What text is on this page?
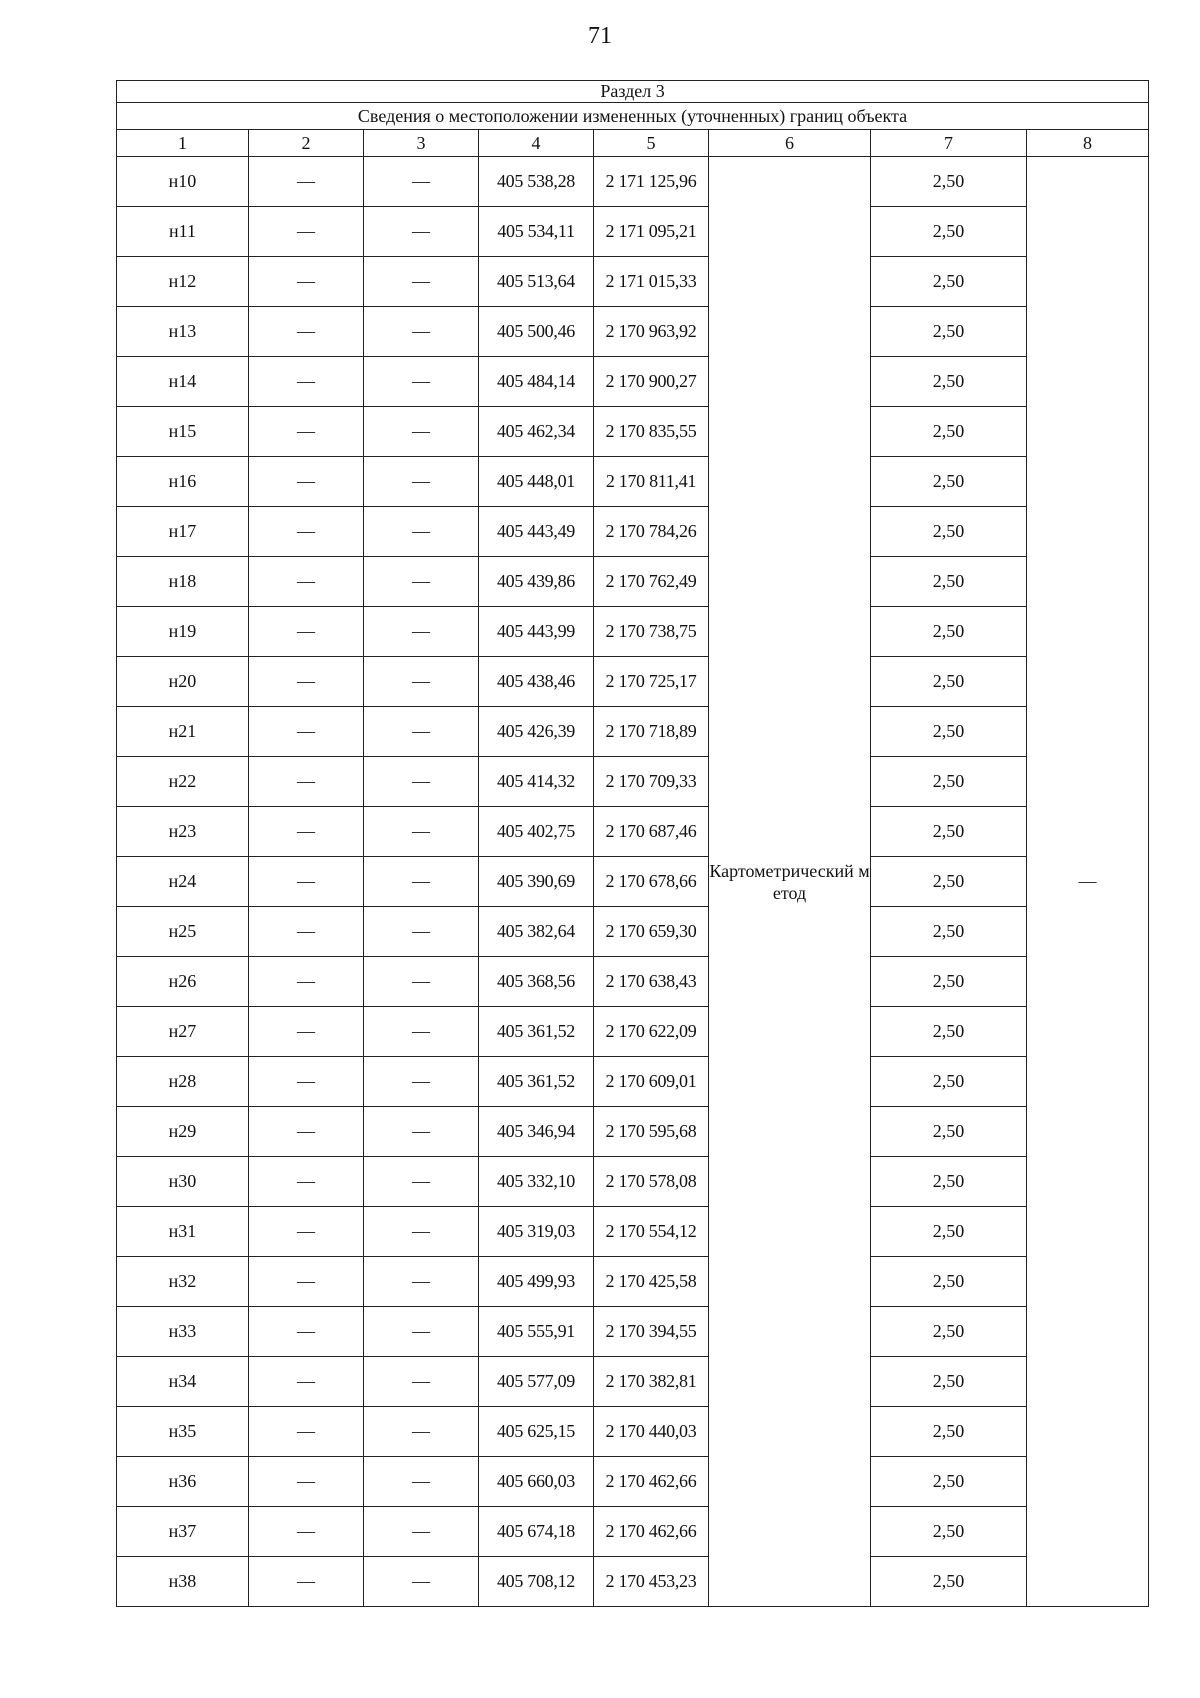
71
Раздел 3							
Сведения о местоположении измененных (уточненных) границ объекта							
1	2	3	4	5	6	7	8
н10	—	—	405 538,28	2 171 125,96	Картометрический метод	2,50	—
н11	—	—	405 534,11	2 171 095,21		2,50	
н12	—	—	405 513,64	2 171 015,33		2,50	
н13	—	—	405 500,46	2 170 963,92		2,50	
н14	—	—	405 484,14	2 170 900,27		2,50	
н15	—	—	405 462,34	2 170 835,55		2,50	
н16	—	—	405 448,01	2 170 811,41		2,50	
н17	—	—	405 443,49	2 170 784,26		2,50	
н18	—	—	405 439,86	2 170 762,49		2,50	
н19	—	—	405 443,99	2 170 738,75		2,50	
н20	—	—	405 438,46	2 170 725,17		2,50	
н21	—	—	405 426,39	2 170 718,89		2,50	
н22	—	—	405 414,32	2 170 709,33		2,50	
н23	—	—	405 402,75	2 170 687,46		2,50	
н24	—	—	405 390,69	2 170 678,66		2,50	
н25	—	—	405 382,64	2 170 659,30		2,50	
н26	—	—	405 368,56	2 170 638,43		2,50	
н27	—	—	405 361,52	2 170 622,09		2,50	
н28	—	—	405 361,52	2 170 609,01		2,50	
н29	—	—	405 346,94	2 170 595,68		2,50	
н30	—	—	405 332,10	2 170 578,08		2,50	
н31	—	—	405 319,03	2 170 554,12		2,50	
н32	—	—	405 499,93	2 170 425,58		2,50	
н33	—	—	405 555,91	2 170 394,55		2,50	
н34	—	—	405 577,09	2 170 382,81		2,50	
н35	—	—	405 625,15	2 170 440,03		2,50	
н36	—	—	405 660,03	2 170 462,66		2,50	
н37	—	—	405 674,18	2 170 462,66		2,50	
н38	—	—	405 708,12	2 170 453,23		2,50	
